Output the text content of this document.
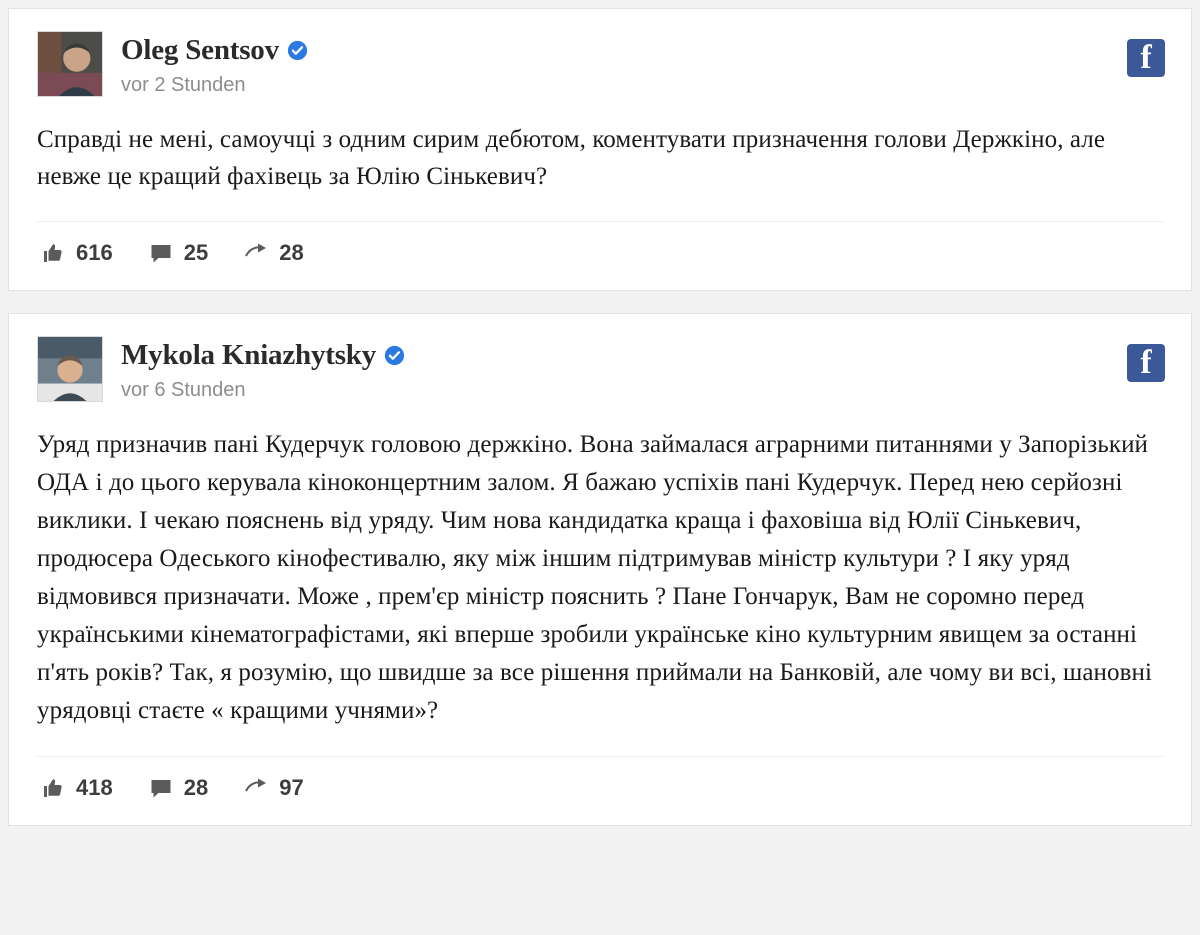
f
Oleg Sentsov
vor 2 Stunden
Справді не мені, самоучці з одним сирим дебютом, коментувати призначення голови Держкіно, але невже це кращий фахівець за Юлію Сінькевич?
616	25	28
f
Mykola Kniazhytsky
vor 6 Stunden
Уряд призначив пані Кудерчук головою держкіно. Вона займалася аграрними питаннями у Запорізький ОДА і до цього керувала кіноконцертним залом. Я бажаю успіхів пані Кудерчук. Перед нею серйозні виклики. І чекаю пояснень від уряду. Чим нова кандидатка краща і фаховіша від Юлії Сінькевич, продюсера Одеського кінофестивалю, яку між іншим підтримував міністр культури ? І яку уряд відмовився призначати. Може , прем'єр міністр пояснить ? Пане Гончарук, Вам не соромно перед українськими кінематографістами, які вперше зробили українське кіно культурним явищем за останні п'ять років? Так, я розумію, що швидше за все рішення приймали на Банковій, але чому ви всі, шановні урядовці стаєте « кращими учнями»?
418	28	97
